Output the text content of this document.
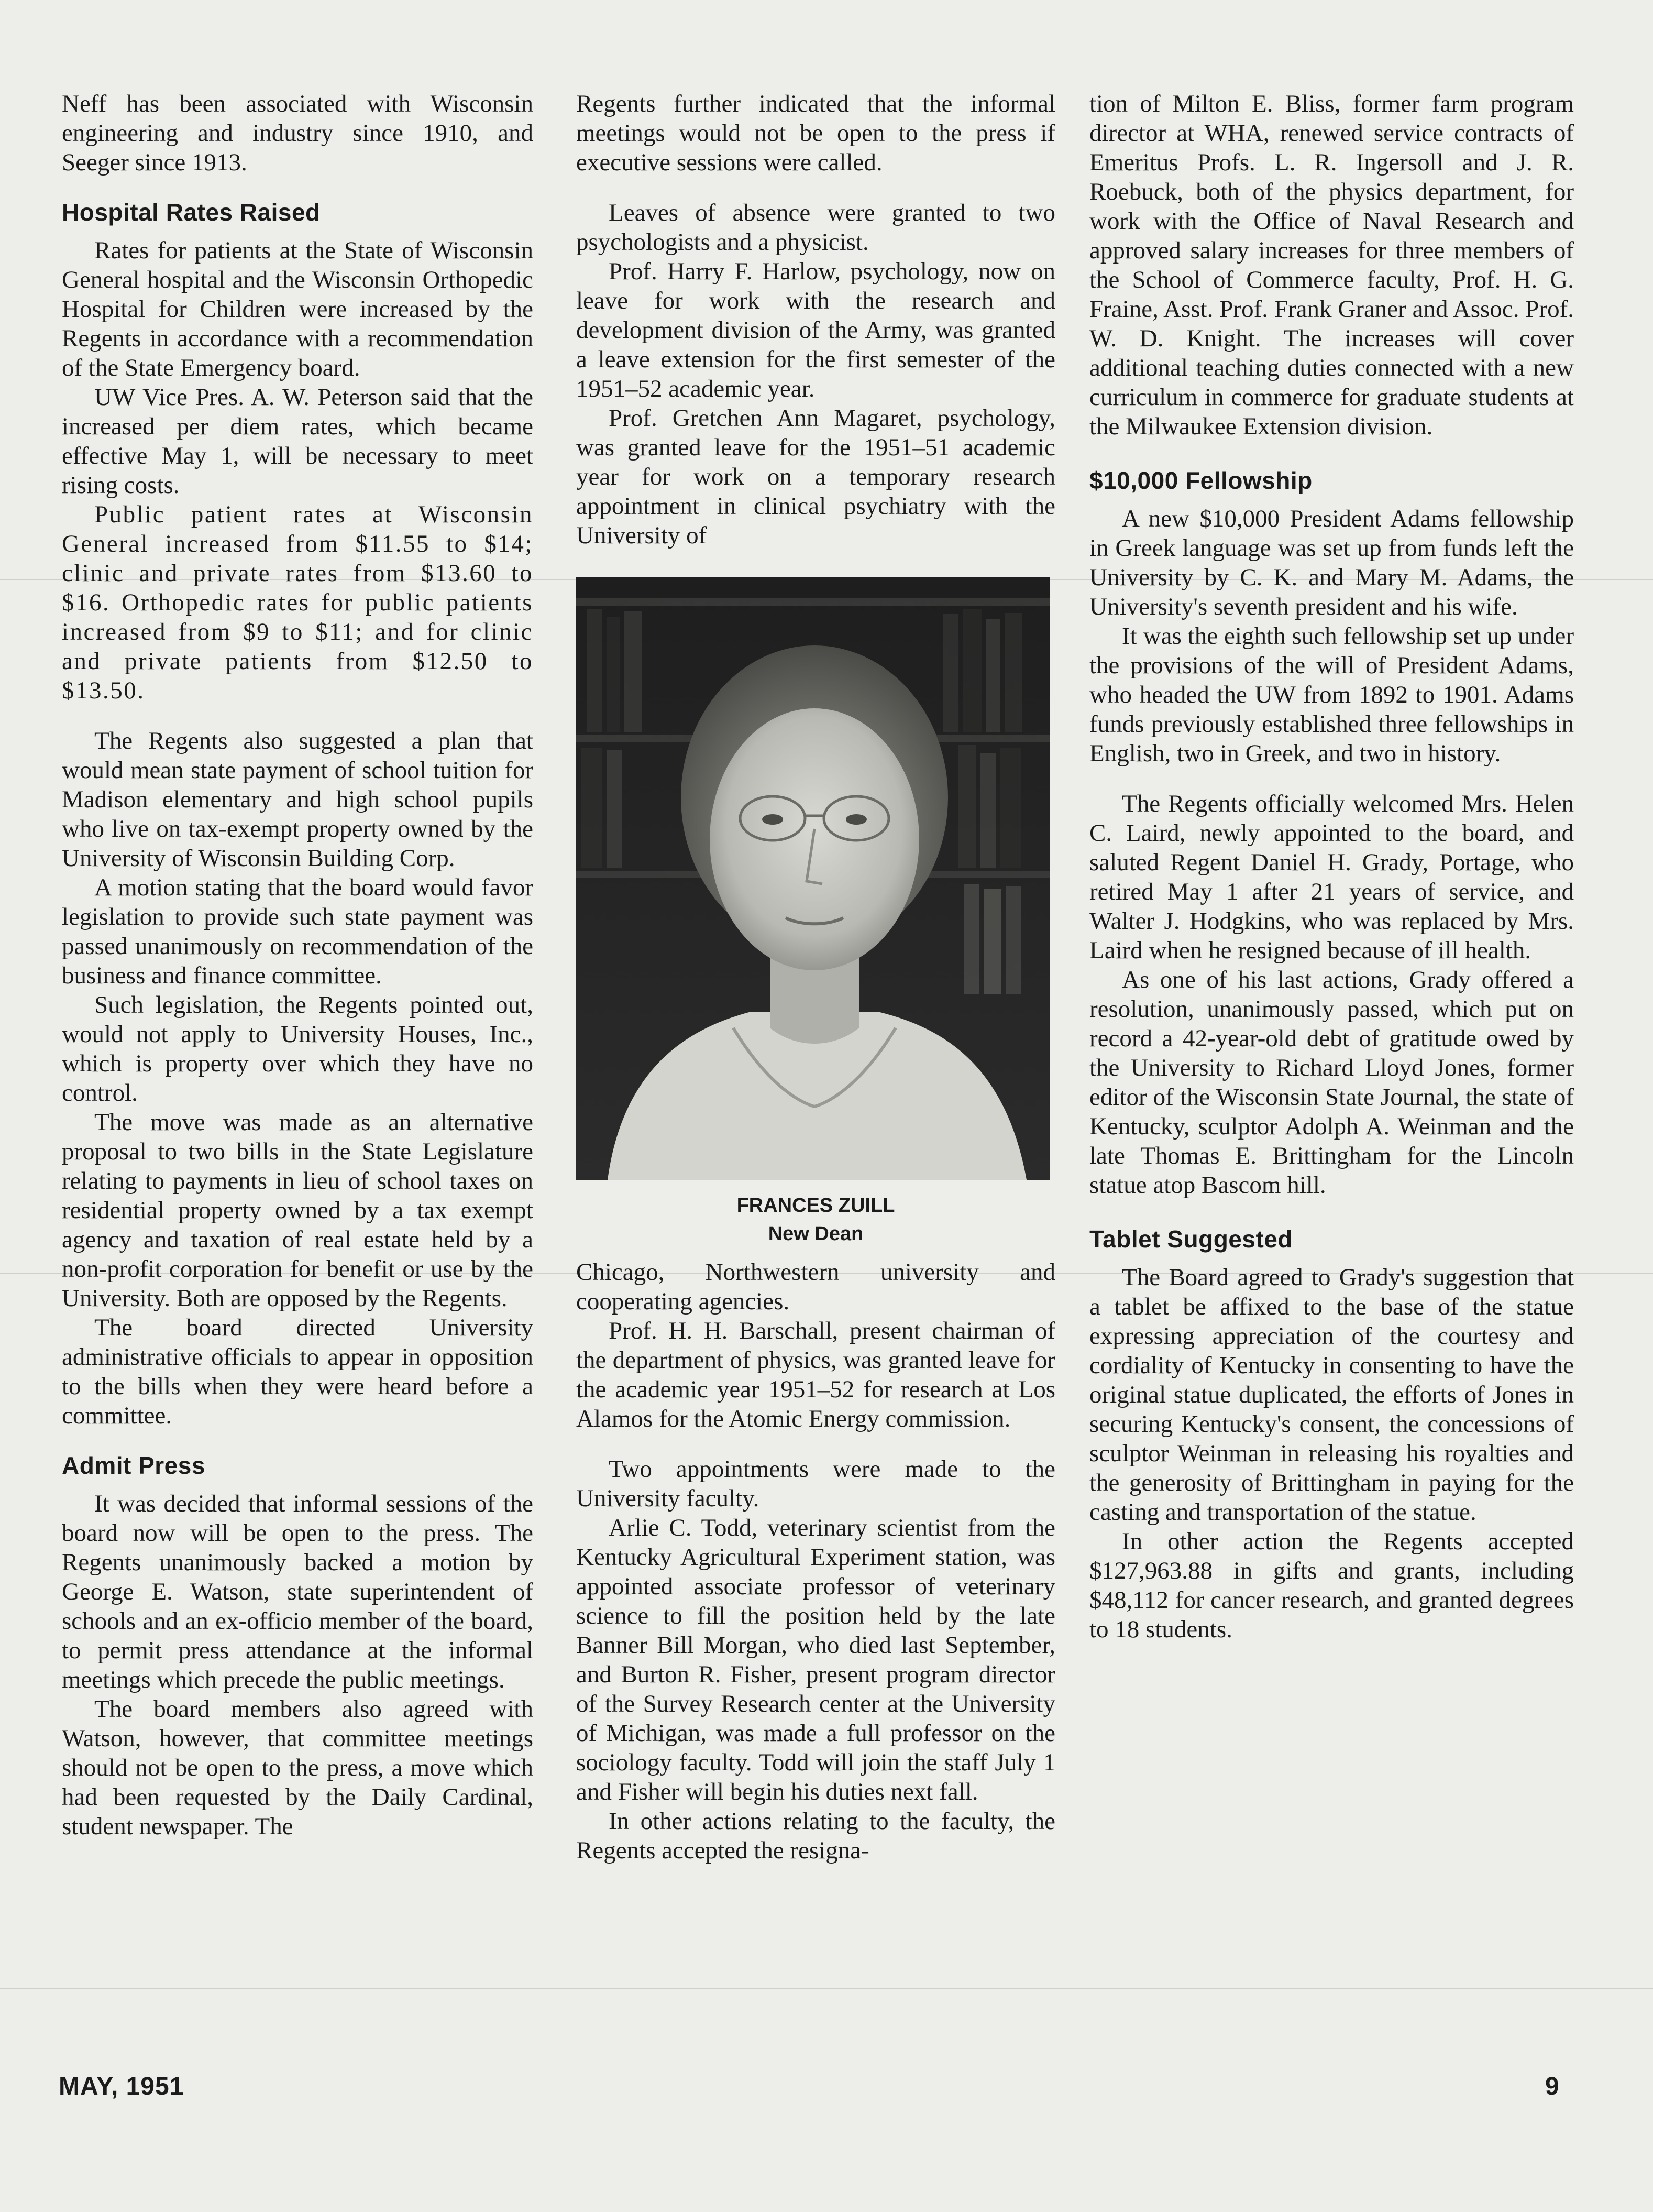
Neff has been associated with Wisconsin engineering and industry since 1910, and Seeger since 1913.

Hospital Rates Raised

Rates for patients at the State of Wisconsin General hospital and the Wisconsin Orthopedic Hospital for Children were increased by the Regents in accordance with a recommendation of the State Emergency board.

UW Vice Pres. A. W. Peterson said that the increased per diem rates, which became effective May 1, will be necessary to meet rising costs.

Public patient rates at Wisconsin General increased from $11.55 to $14; clinic and private rates from $13.60 to $16. Orthopedic rates for public patients increased from $9 to $11; and for clinic and private patients from $12.50 to $13.50.

The Regents also suggested a plan that would mean state payment of school tuition for Madison elementary and high school pupils who live on tax-exempt property owned by the University of Wisconsin Building Corp.

A motion stating that the board would favor legislation to provide such state payment was passed unanimously on recommendation of the business and finance committee.

Such legislation, the Regents pointed out, would not apply to University Houses, Inc., which is property over which they have no control.

The move was made as an alternative proposal to two bills in the State Legislature relating to payments in lieu of school taxes on residential property owned by a tax exempt agency and taxation of real estate held by a non-profit corporation for benefit or use by the University. Both are opposed by the Regents.

The board directed University administrative officials to appear in opposition to the bills when they were heard before a committee.

Admit Press

It was decided that informal sessions of the board now will be open to the press. The Regents unanimously backed a motion by George E. Watson, state superintendent of schools and an ex-officio member of the board, to permit press attendance at the informal meetings which precede the public meetings.

The board members also agreed with Watson, however, that committee meetings should not be open to the press, a move which had been requested by the Daily Cardinal, student newspaper. The

Regents further indicated that the informal meetings would not be open to the press if executive sessions were called.

Leaves of absence were granted to two psychologists and a physicist.

Prof. Harry F. Harlow, psychology, now on leave for work with the research and development division of the Army, was granted a leave extension for the first semester of the 1951–52 academic year.

Prof. Gretchen Ann Magaret, psychology, was granted leave for the 1951–51 academic year for work on a temporary research appointment in clinical psychiatry with the University of

FRANCES ZUILL
New Dean

Chicago, Northwestern university and cooperating agencies.

Prof. H. H. Barschall, present chairman of the department of physics, was granted leave for the academic year 1951–52 for research at Los Alamos for the Atomic Energy commission.

Two appointments were made to the University faculty.

Arlie C. Todd, veterinary scientist from the Kentucky Agricultural Experiment station, was appointed associate professor of veterinary science to fill the position held by the late Banner Bill Morgan, who died last September, and Burton R. Fisher, present program director of the Survey Research center at the University of Michigan, was made a full professor on the sociology faculty. Todd will join the staff July 1 and Fisher will begin his duties next fall.

In other actions relating to the faculty, the Regents accepted the resigna-

tion of Milton E. Bliss, former farm program director at WHA, renewed service contracts of Emeritus Profs. L. R. Ingersoll and J. R. Roebuck, both of the physics department, for work with the Office of Naval Research and approved salary increases for three members of the School of Commerce faculty, Prof. H. G. Fraine, Asst. Prof. Frank Graner and Assoc. Prof. W. D. Knight. The increases will cover additional teaching duties connected with a new curriculum in commerce for graduate students at the Milwaukee Extension division.

$10,000 Fellowship

A new $10,000 President Adams fellowship in Greek language was set up from funds left the University by C. K. and Mary M. Adams, the University's seventh president and his wife.

It was the eighth such fellowship set up under the provisions of the will of President Adams, who headed the UW from 1892 to 1901. Adams funds previously established three fellowships in English, two in Greek, and two in history.

The Regents officially welcomed Mrs. Helen C. Laird, newly appointed to the board, and saluted Regent Daniel H. Grady, Portage, who retired May 1 after 21 years of service, and Walter J. Hodgkins, who was replaced by Mrs. Laird when he resigned because of ill health.

As one of his last actions, Grady offered a resolution, unanimously passed, which put on record a 42-year-old debt of gratitude owed by the University to Richard Lloyd Jones, former editor of the Wisconsin State Journal, the state of Kentucky, sculptor Adolph A. Weinman and the late Thomas E. Brittingham for the Lincoln statue atop Bascom hill.

Tablet Suggested

The Board agreed to Grady's suggestion that a tablet be affixed to the base of the statue expressing appreciation of the courtesy and cordiality of Kentucky in consenting to have the original statue duplicated, the efforts of Jones in securing Kentucky's consent, the concessions of sculptor Weinman in releasing his royalties and the generosity of Brittingham in paying for the casting and transportation of the statue.

In other action the Regents accepted $127,963.88 in gifts and grants, including $48,112 for cancer research, and granted degrees to 18 students.

MAY, 1951	9
